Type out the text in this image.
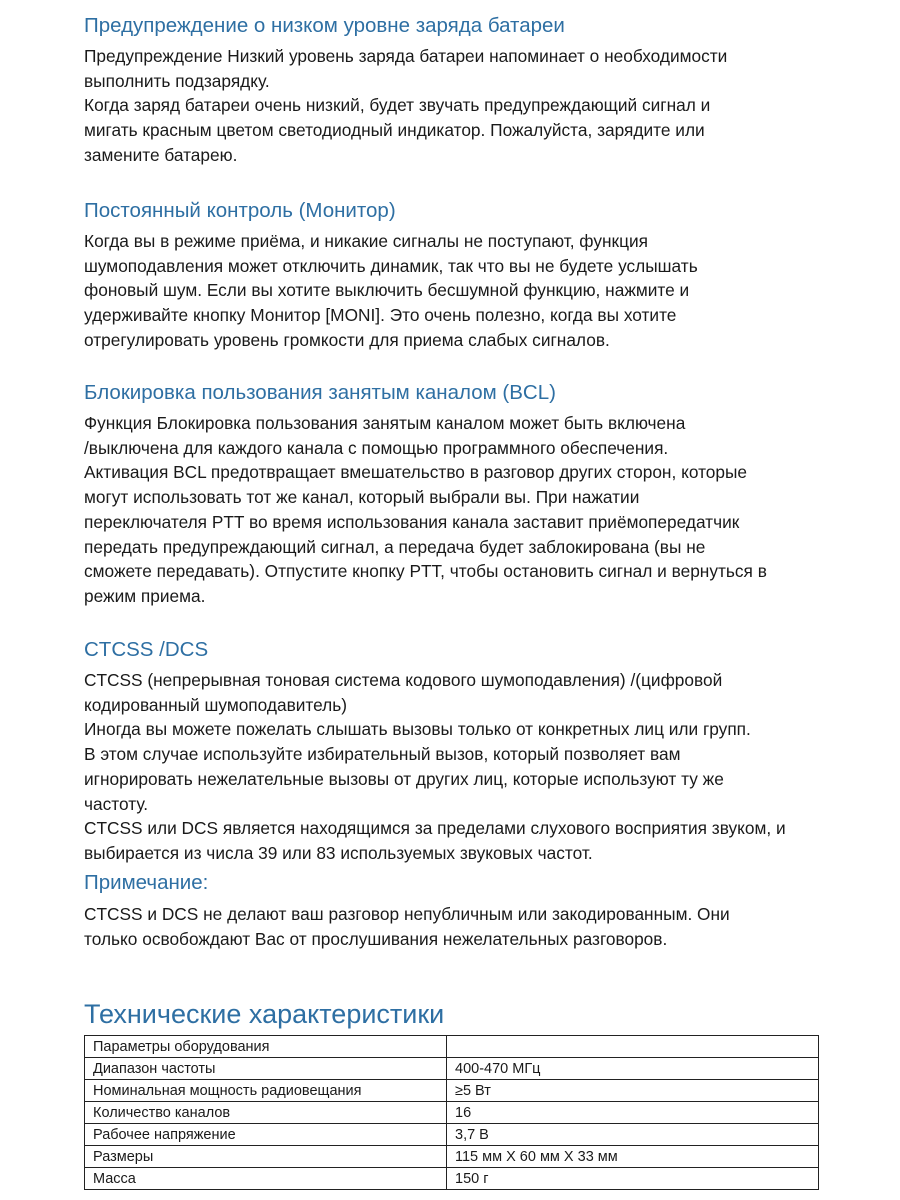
Предупреждение о низком уровне заряда батареи

Предупреждение Низкий уровень заряда батареи напоминает о необходимости

выполнить подзарядку.

Когда заряд батареи очень низкий, будет звучать предупреждающий сигнал и

мигать красным цветом светодиодный индикатор. Пожалуйста, зарядите или

замените батарею.

Постоянный контроль (Монитор)

Когда вы в режиме приёма, и никакие сигналы не поступают, функция

шумоподавления может отключить динамик, так что вы не будете услышать

фоновый шум. Если вы хотите выключить бесшумной функцию, нажмите и

удерживайте кнопку Монитор [MONI]. Это очень полезно, когда вы хотите

отрегулировать уровень громкости для приема слабых сигналов.

Блокировка пользования занятым каналом (BCL)

Функция Блокировка пользования занятым каналом может быть включена

/выключена для каждого канала с помощью программного обеспечения.

Активация BCL предотвращает вмешательство в разговор других сторон, которые

могут использовать тот же канал, который выбрали вы. При нажатии

переключателя PTT во время использования канала заставит приёмопередатчик

передать предупреждающий сигнал, а передача будет заблокирована (вы не

сможете передавать). Отпустите кнопку PTT, чтобы остановить сигнал и вернуться в

режим приема.

CTCSS /DCS

CTCSS (непрерывная тоновая система кодового шумоподавления) /(цифровой

кодированный шумоподавитель)

Иногда вы можете пожелать слышать вызовы только от конкретных лиц или групп.

В этом случае используйте избирательный вызов, который позволяет вам

игнорировать нежелательные вызовы от других лиц, которые используют ту же

частоту.

CTCSS или DCS является находящимся за пределами слухового восприятия звуком, и

выбирается из числа 39 или 83 используемых звуковых частот.

Примечание:

CTCSS и DCS не делают ваш разговор непубличным или закодированным. Они

только освобождают Вас от прослушивания нежелательных разговоров.

Технические характеристики
Параметры оборудования	
Диапазон частоты	400-470 МГц
Номинальная мощность радиовещания	≥5 Вт
Количество каналов	16
Рабочее напряжение	3,7 В
Размеры	115 мм X 60 мм X 33 мм
Масса	150 г
